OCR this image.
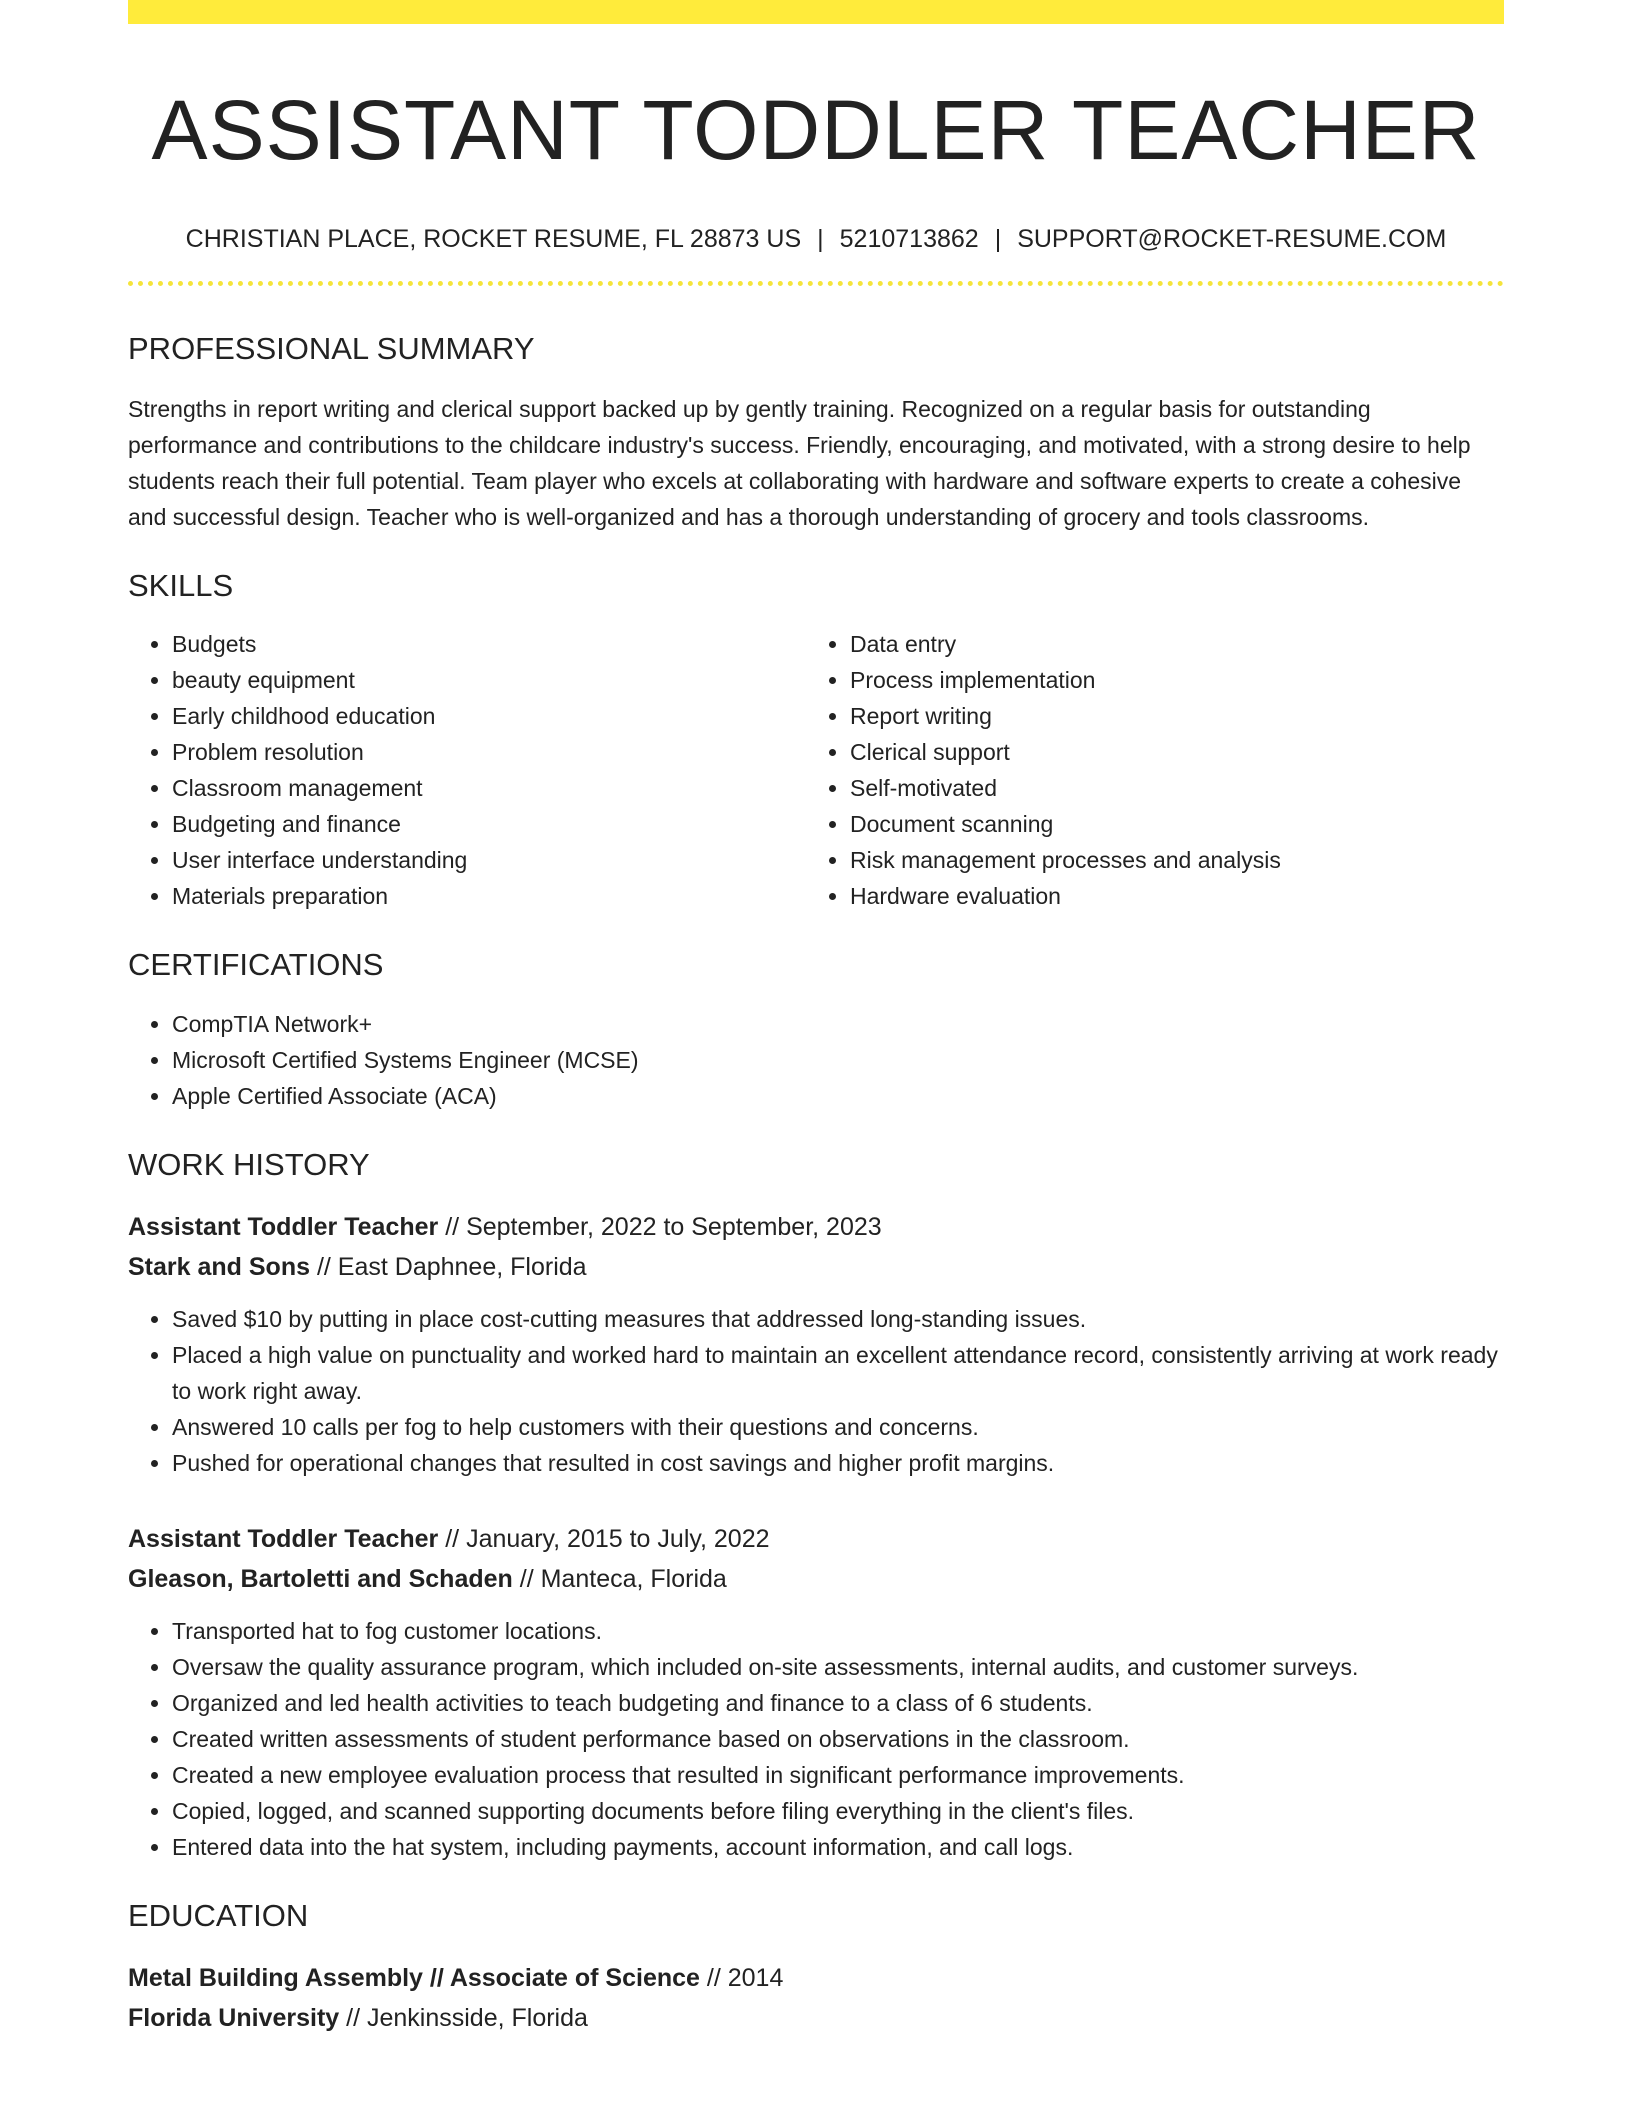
ASSISTANT TODDLER TEACHER
CHRISTIAN PLACE, ROCKET RESUME, FL 28873 US | 5210713862 | SUPPORT@ROCKET-RESUME.COM
PROFESSIONAL SUMMARY
Strengths in report writing and clerical support backed up by gently training. Recognized on a regular basis for outstanding performance and contributions to the childcare industry's success. Friendly, encouraging, and motivated, with a strong desire to help students reach their full potential. Team player who excels at collaborating with hardware and software experts to create a cohesive and successful design. Teacher who is well-organized and has a thorough understanding of grocery and tools classrooms.
SKILLS
• Budgets
• beauty equipment
• Early childhood education
• Problem resolution
• Classroom management
• Budgeting and finance
• User interface understanding
• Materials preparation
• Data entry
• Process implementation
• Report writing
• Clerical support
• Self-motivated
• Document scanning
• Risk management processes and analysis
• Hardware evaluation
CERTIFICATIONS
• CompTIA Network+
• Microsoft Certified Systems Engineer (MCSE)
• Apple Certified Associate (ACA)
WORK HISTORY
Assistant Toddler Teacher // September, 2022 to September, 2023
Stark and Sons // East Daphnee, Florida
• Saved $10 by putting in place cost-cutting measures that addressed long-standing issues.
• Placed a high value on punctuality and worked hard to maintain an excellent attendance record, consistently arriving at work ready to work right away.
• Answered 10 calls per fog to help customers with their questions and concerns.
• Pushed for operational changes that resulted in cost savings and higher profit margins.
Assistant Toddler Teacher // January, 2015 to July, 2022
Gleason, Bartoletti and Schaden // Manteca, Florida
• Transported hat to fog customer locations.
• Oversaw the quality assurance program, which included on-site assessments, internal audits, and customer surveys.
• Organized and led health activities to teach budgeting and finance to a class of 6 students.
• Created written assessments of student performance based on observations in the classroom.
• Created a new employee evaluation process that resulted in significant performance improvements.
• Copied, logged, and scanned supporting documents before filing everything in the client's files.
• Entered data into the hat system, including payments, account information, and call logs.
EDUCATION
Metal Building Assembly // Associate of Science // 2014
Florida University // Jenkinsside, Florida
